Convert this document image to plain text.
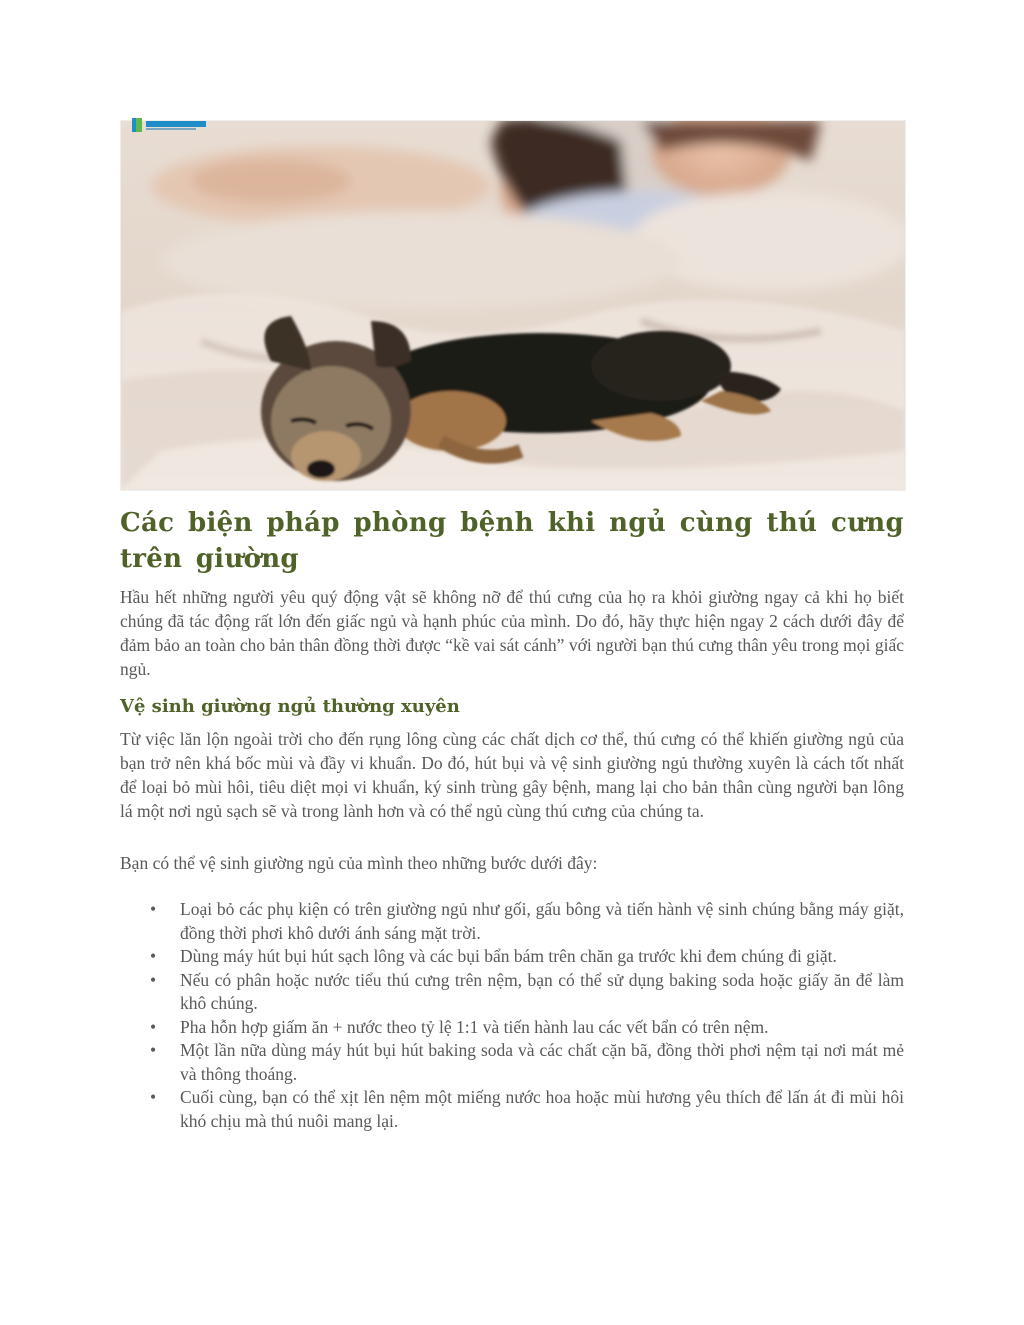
Các biện pháp phòng bệnh khi ngủ cùng thú cưng trên giường

Hầu hết những người yêu quý động vật sẽ không nỡ để thú cưng của họ ra khỏi giường ngay cả khi họ biết chúng đã tác động rất lớn đến giấc ngủ và hạnh phúc của mình. Do đó, hãy thực hiện ngay 2 cách dưới đây để đảm bảo an toàn cho bản thân đồng thời được “kề vai sát cánh” với người bạn thú cưng thân yêu trong mọi giấc ngủ.

Vệ sinh giường ngủ thường xuyên

Từ việc lăn lộn ngoài trời cho đến rụng lông cùng các chất dịch cơ thể, thú cưng có thể khiến giường ngủ của bạn trở nên khá bốc mùi và đầy vi khuẩn. Do đó, hút bụi và vệ sinh giường ngủ thường xuyên là cách tốt nhất để loại bỏ mùi hôi, tiêu diệt mọi vi khuẩn, ký sinh trùng gây bệnh, mang lại cho bản thân cùng người bạn lông lá một nơi ngủ sạch sẽ và trong lành hơn và có thể ngủ cùng thú cưng của chúng ta.

Bạn có thể vệ sinh giường ngủ của mình theo những bước dưới đây:

• Loại bỏ các phụ kiện có trên giường ngủ như gối, gấu bông và tiến hành vệ sinh chúng bằng máy giặt, đồng thời phơi khô dưới ánh sáng mặt trời.
• Dùng máy hút bụi hút sạch lông và các bụi bẩn bám trên chăn ga trước khi đem chúng đi giặt.
• Nếu có phân hoặc nước tiểu thú cưng trên nệm, bạn có thể sử dụng baking soda hoặc giấy ăn để làm khô chúng.
• Pha hỗn hợp giấm ăn + nước theo tỷ lệ 1:1 và tiến hành lau các vết bẩn có trên nệm.
• Một lần nữa dùng máy hút bụi hút baking soda và các chất cặn bã, đồng thời phơi nệm tại nơi mát mẻ và thông thoáng.
• Cuối cùng, bạn có thể xịt lên nệm một miếng nước hoa hoặc mùi hương yêu thích để lấn át đi mùi hôi khó chịu mà thú nuôi mang lại.
